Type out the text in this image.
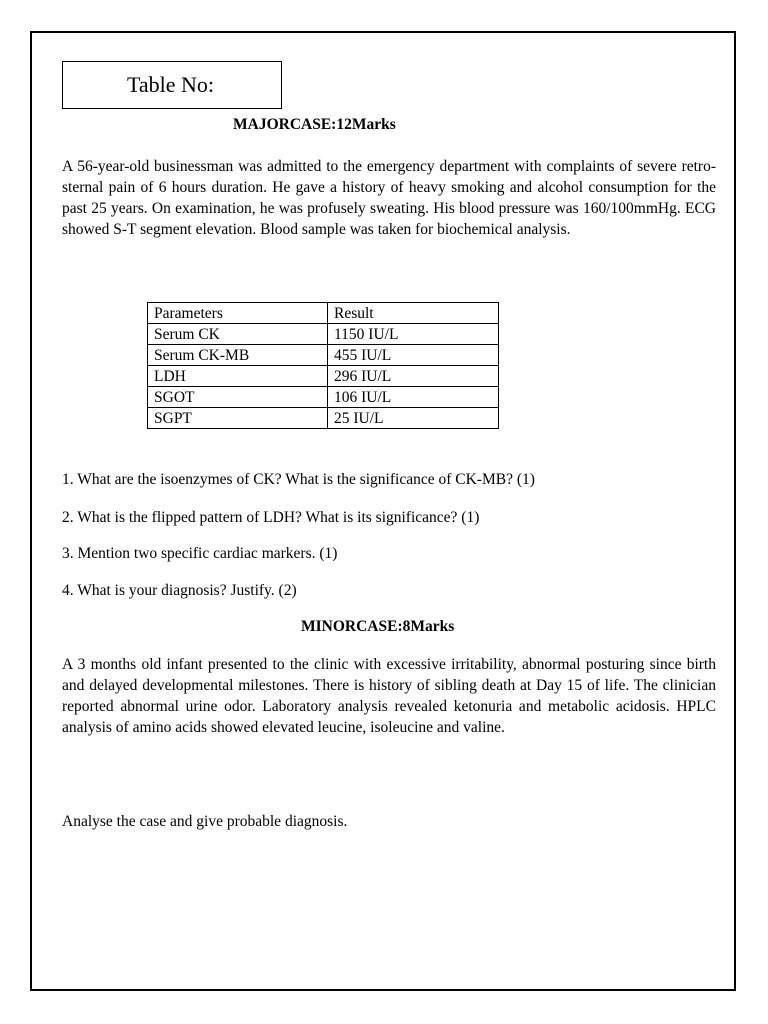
Table No:
MAJORCASE:12Marks

A 56-year-old businessman was admitted to the emergency department with complaints of severe retro-sternal pain of 6 hours duration. He gave a history of heavy smoking and alcohol consumption for the past 25 years. On examination, he was profusely sweating. His blood pressure was 160/100mmHg. ECG showed S-T segment elevation. Blood sample was taken for biochemical analysis.

Parameters	Result
Serum CK	1150 IU/L
Serum CK-MB	455 IU/L
LDH	296 IU/L
SGOT	106 IU/L
SGPT	25 IU/L

1. What are the isoenzymes of CK? What is the significance of CK-MB? (1)

2. What is the flipped pattern of LDH? What is its significance? (1)

3. Mention two specific cardiac markers. (1)

4. What is your diagnosis? Justify. (2)

MINORCASE:8Marks

A 3 months old infant presented to the clinic with excessive irritability, abnormal posturing since birth and delayed developmental milestones. There is history of sibling death at Day 15 of life. The clinician reported abnormal urine odor. Laboratory analysis revealed ketonuria and metabolic acidosis. HPLC analysis of amino acids showed elevated leucine, isoleucine and valine.

Analyse the case and give probable diagnosis.
